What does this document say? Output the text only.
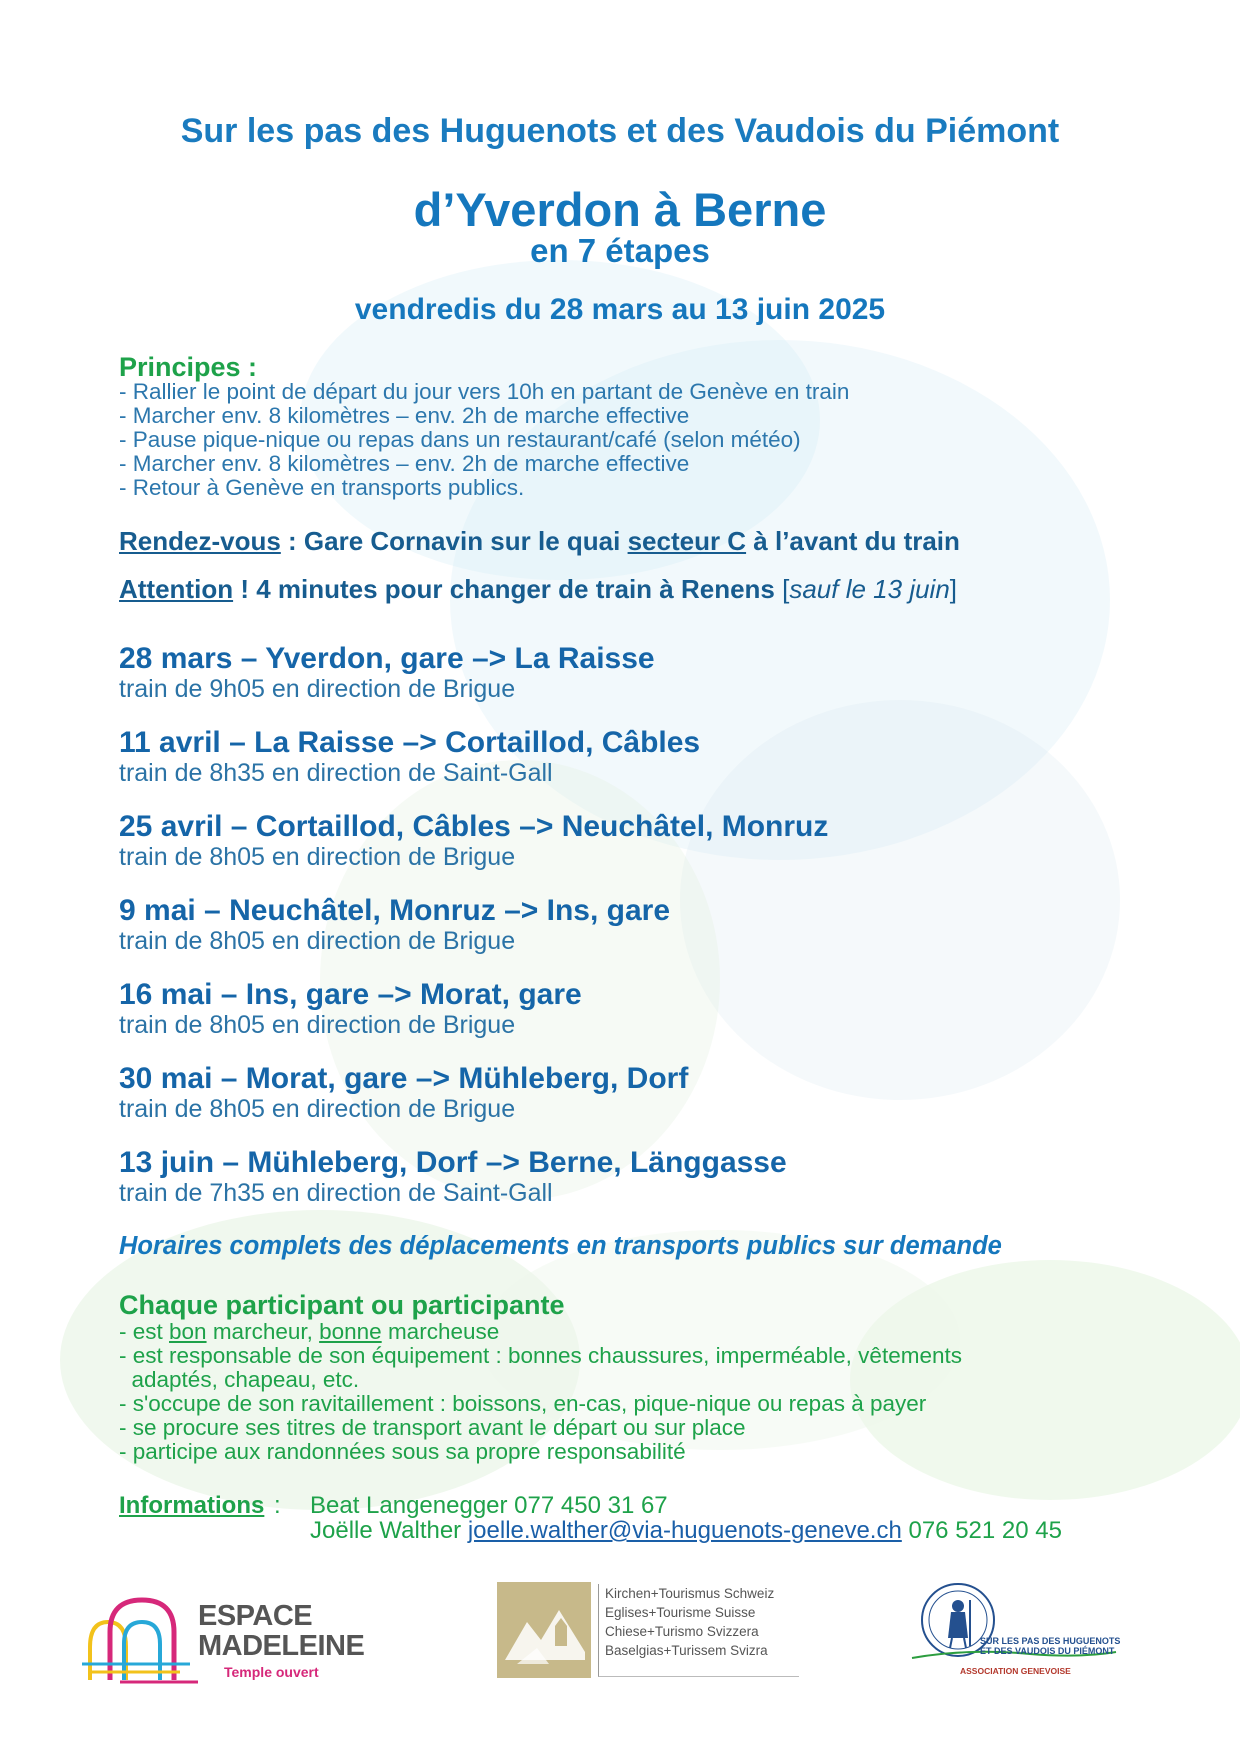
Sur les pas des Huguenots et des Vaudois du Piémont
d’Yverdon à Berne
en 7 étapes
vendredis du 28 mars au 13 juin 2025
Principes :
- Rallier le point de départ du jour vers 10h en partant de Genève en train
- Marcher env. 8 kilomètres – env. 2h de marche effective
- Pause pique-nique ou repas dans un restaurant/café (selon météo)
- Marcher env. 8 kilomètres – env. 2h de marche effective
- Retour à Genève en transports publics.
Rendez-vous : Gare Cornavin sur le quai secteur C à l’avant du train
Attention ! 4 minutes pour changer de train à Renens [sauf le 13 juin]
28 mars – Yverdon, gare –> La Raisse
train de 9h05 en direction de Brigue
11 avril – La Raisse –> Cortaillod, Câbles
train de 8h35 en direction de Saint-Gall
25 avril – Cortaillod, Câbles –> Neuchâtel, Monruz
train de 8h05 en direction de Brigue
9 mai – Neuchâtel, Monruz –> Ins, gare
train de 8h05 en direction de Brigue
16 mai – Ins, gare –> Morat, gare
train de 8h05 en direction de Brigue
30 mai – Morat, gare –> Mühleberg, Dorf
train de 8h05 en direction de Brigue
13 juin – Mühleberg, Dorf –> Berne, Länggasse
train de 7h35 en direction de Saint-Gall
Horaires complets des déplacements en transports publics sur demande
Chaque participant ou participante
- est bon marcheur, bonne marcheuse
- est responsable de son équipement : bonnes chaussures, imperméable, vêtements
adaptés, chapeau, etc.
- s'occupe de son ravitaillement : boissons, en-cas, pique-nique ou repas à payer
- se procure ses titres de transport avant le départ ou sur place
- participe aux randonnées sous sa propre responsabilité
Informations : Beat Langenegger 077 450 31 67
Joëlle Walther joelle.walther@via-huguenots-geneve.ch 076 521 20 45
ESPACE
MADELEINE
Temple ouvert
Kirchen+Tourismus Schweiz
Eglises+Tourisme Suisse
Chiese+Turismo Svizzera
Baselgias+Turissem Svizra
SUR LES PAS DES HUGUENOTS
ET DES VAUDOIS DU PIÉMONT
ASSOCIATION GENEVOISE
